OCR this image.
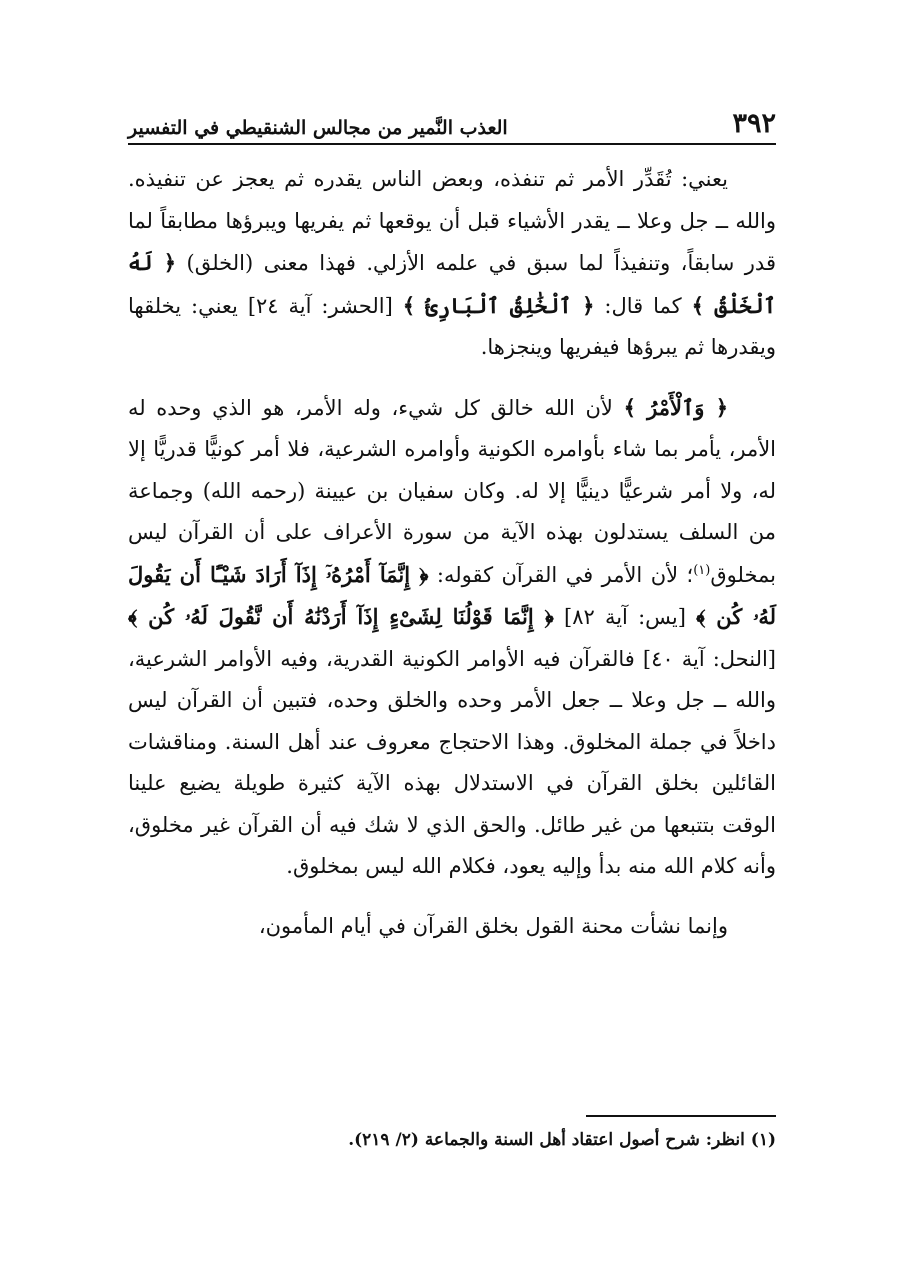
٣٩٢
العذب النَّمير من مجالس الشنقيطي في التفسير

يعني: تُقَدِّر الأمر ثم تنفذه، وبعض الناس يقدره ثم يعجز عن تنفيذه. والله ــ جل وعلا ــ يقدر الأشياء قبل أن يوقعها ثم يفريها ويبرؤها مطابقاً لما قدر سابقاً، وتنفيذاً لما سبق في علمه الأزلي. فهذا معنى (الخلق) ﴿ لَهُ ٱلْخَلْقُ ﴾ كما قال: ﴿ ٱلْخَٰلِقُ ٱلْبَارِئُ ﴾ [الحشر: آية ٢٤] يعني: يخلقها ويقدرها ثم يبرؤها فيفريها وينجزها.

﴿ وَٱلْأَمْرُ ﴾ لأن الله خالق كل شيء، وله الأمر، هو الذي وحده له الأمر، يأمر بما شاء بأوامره الكونية وأوامره الشرعية، فلا أمر كونيًّا قدريًّا إلا له، ولا أمر شرعيًّا دينيًّا إلا له. وكان سفيان بن عيينة (رحمه الله) وجماعة من السلف يستدلون بهذه الآية من سورة الأعراف على أن القرآن ليس بمخلوق$^{(١)}$؛ لأن الأمر في القرآن كقوله: ﴿ إِنَّمَآ أَمْرُهُۥٓ إِذَآ أَرَادَ شَيْـًٔا أَن يَقُولَ لَهُۥ كُن ﴾ [يس: آية ٨٢] ﴿ إِنَّمَا قَوْلُنَا لِشَىْءٍ إِذَآ أَرَدْنَٰهُ أَن نَّقُولَ لَهُۥ كُن ﴾ [النحل: آية ٤٠] فالقرآن فيه الأوامر الكونية القدرية، وفيه الأوامر الشرعية، والله ــ جل وعلا ــ جعل الأمر وحده والخلق وحده، فتبين أن القرآن ليس داخلاً في جملة المخلوق. وهذا الاحتجاج معروف عند أهل السنة. ومناقشات القائلين بخلق القرآن في الاستدلال بهذه الآية كثيرة طويلة يضيع علينا الوقت بتتبعها من غير طائل. والحق الذي لا شك فيه أن القرآن غير مخلوق، وأنه كلام الله منه بدأ وإليه يعود، فكلام الله ليس بمخلوق.

وإنما نشأت محنة القول بخلق القرآن في أيام المأمون،

(١) انظر: شرح أصول اعتقاد أهل السنة والجماعة (٢/ ٢١٩).
